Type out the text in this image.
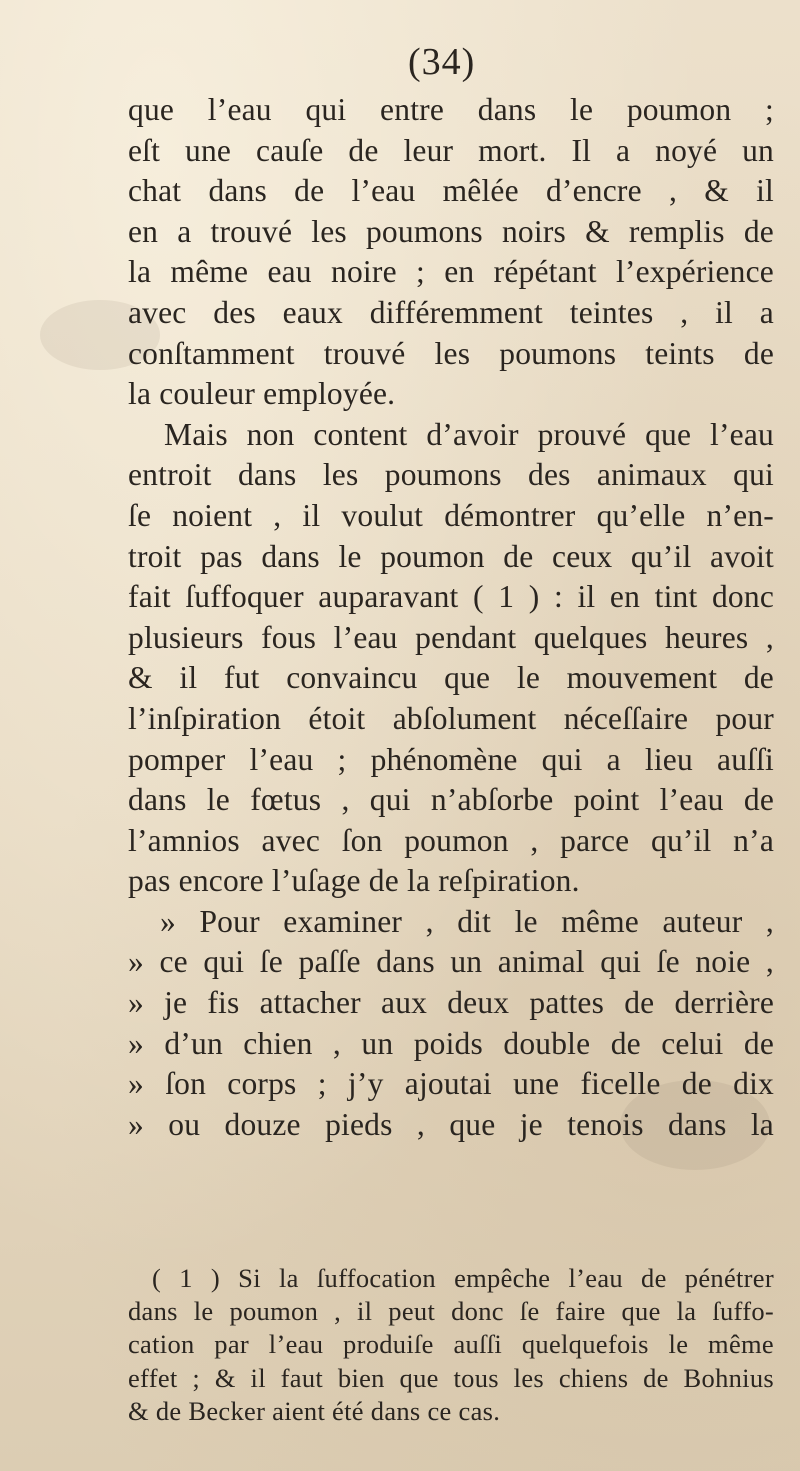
(34)
que l’eau qui entre dans le poumon ;
eſt une cauſe de leur mort. Il a noyé un
chat dans de l’eau mêlée d’encre , & il
en a trouvé les poumons noirs & remplis de
la même eau noire ; en répétant l’expérience
avec des eaux différemment teintes , il a
conſtamment trouvé les poumons teints de
la couleur employée.
Mais non content d’avoir prouvé que l’eau
entroit dans les poumons des animaux qui
ſe noient , il voulut démontrer qu’elle n’en-
troit pas dans le poumon de ceux qu’il avoit
fait ſuffoquer auparavant ( 1 ) : il en tint donc
plusieurs fous l’eau pendant quelques heures ,
& il fut convaincu que le mouvement de
l’inſpiration étoit abſolument néceſſaire pour
pomper l’eau ; phénomène qui a lieu auſſi
dans le fœtus , qui n’abſorbe point l’eau de
l’amnios avec ſon poumon , parce qu’il n’a
pas encore l’uſage de la reſpiration.
» Pour examiner , dit le même auteur ,
» ce qui ſe paſſe dans un animal qui ſe noie ,
» je fis attacher aux deux pattes de derrière
» d’un chien , un poids double de celui de
» ſon corps ; j’y ajoutai une ficelle de dix
» ou douze pieds , que je tenois dans la
( 1 ) Si la ſuffocation empêche l’eau de pénétrer
dans le poumon , il peut donc ſe faire que la ſuffo-
cation par l’eau produiſe auſſi quelquefois le même
effet ; & il faut bien que tous les chiens de Bohnius
& de Becker aient été dans ce cas.
